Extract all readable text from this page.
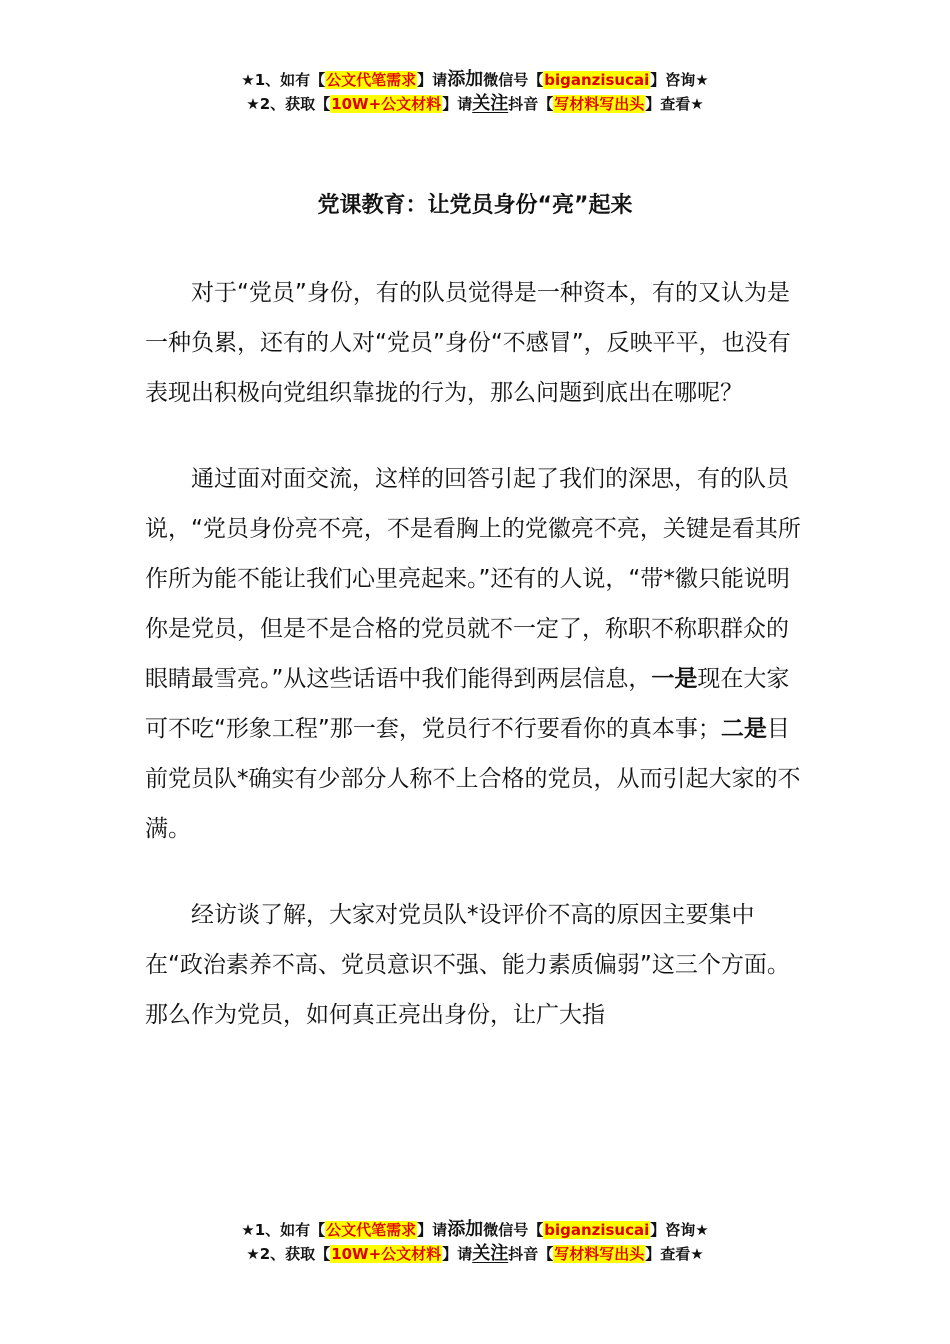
★1、如有【公文代笔需求】请添加微信号【biganzisucai】咨询★
★2、获取【10W+公文材料】请关注抖音【写材料写出头】查看★
党课教育：让党员身份“亮”起来

对于“党员”身份，有的队员觉得是一种资本，有的又认为是一种负累，还有的人对“党员”身份“不感冒”，反映平平，也没有表现出积极向党组织靠拢的行为，那么问题到底出在哪呢？

通过面对面交流，这样的回答引起了我们的深思，有的队员说，“党员身份亮不亮，不是看胸上的党徽亮不亮，关键是看其所作所为能不能让我们心里亮起来。”还有的人说，“带*徽只能说明你是党员，但是不是合格的党员就不一定了，称职不称职群众的眼睛最雪亮。”从这些话语中我们能得到两层信息，一是现在大家可不吃“形象工程”那一套，党员行不行要看你的真本事；二是目前党员队*确实有少部分人称不上合格的党员，从而引起大家的不满。

经访谈了解，大家对党员队*设评价不高的原因主要集中在“政治素养不高、党员意识不强、能力素质偏弱”这三个方面。那么作为党员，如何真正亮出身份，让广大指

★1、如有【公文代笔需求】请添加微信号【biganzisucai】咨询★
★2、获取【10W+公文材料】请关注抖音【写材料写出头】查看★
